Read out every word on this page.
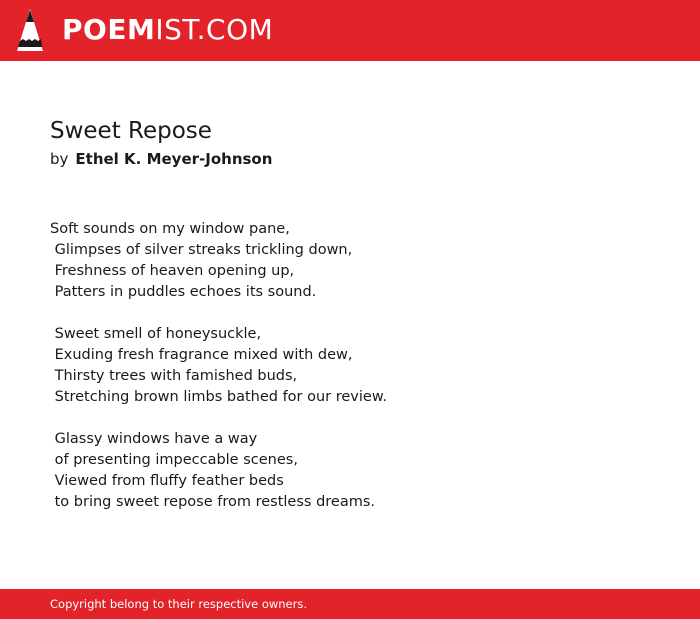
POEMIST.COM
Sweet Repose
by Ethel K. Meyer-Johnson
Soft sounds on my window pane,
Glimpses of silver streaks trickling down,
Freshness of heaven opening up,
Patters in puddles echoes its sound.
Sweet smell of honeysuckle,
Exuding fresh fragrance mixed with dew,
Thirsty trees with famished buds,
Stretching brown limbs bathed for our review.
Glassy windows have a way
of presenting impeccable scenes,
Viewed from fluffy feather beds
to bring sweet repose from restless dreams.
Copyright belong to their respective owners.
